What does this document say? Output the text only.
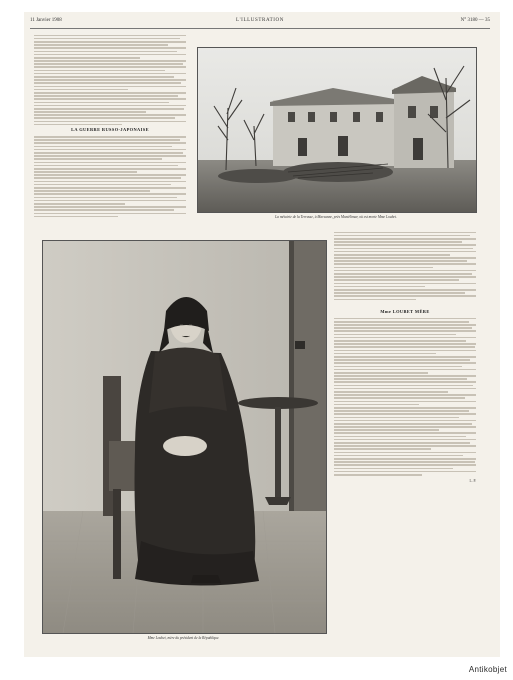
11 Janvier 1908	L'ILLUSTRATION	N° 3180 — 35
LA GUERRE RUSSO-JAPONAISE
La métairie de la Terrasse, à Marsanne, près Montélimar, où est morte Mme Loubet.
Mme LOUBET MÈRE
L. P.
Mme Loubet, mère du président de la République.
Antikobjet
